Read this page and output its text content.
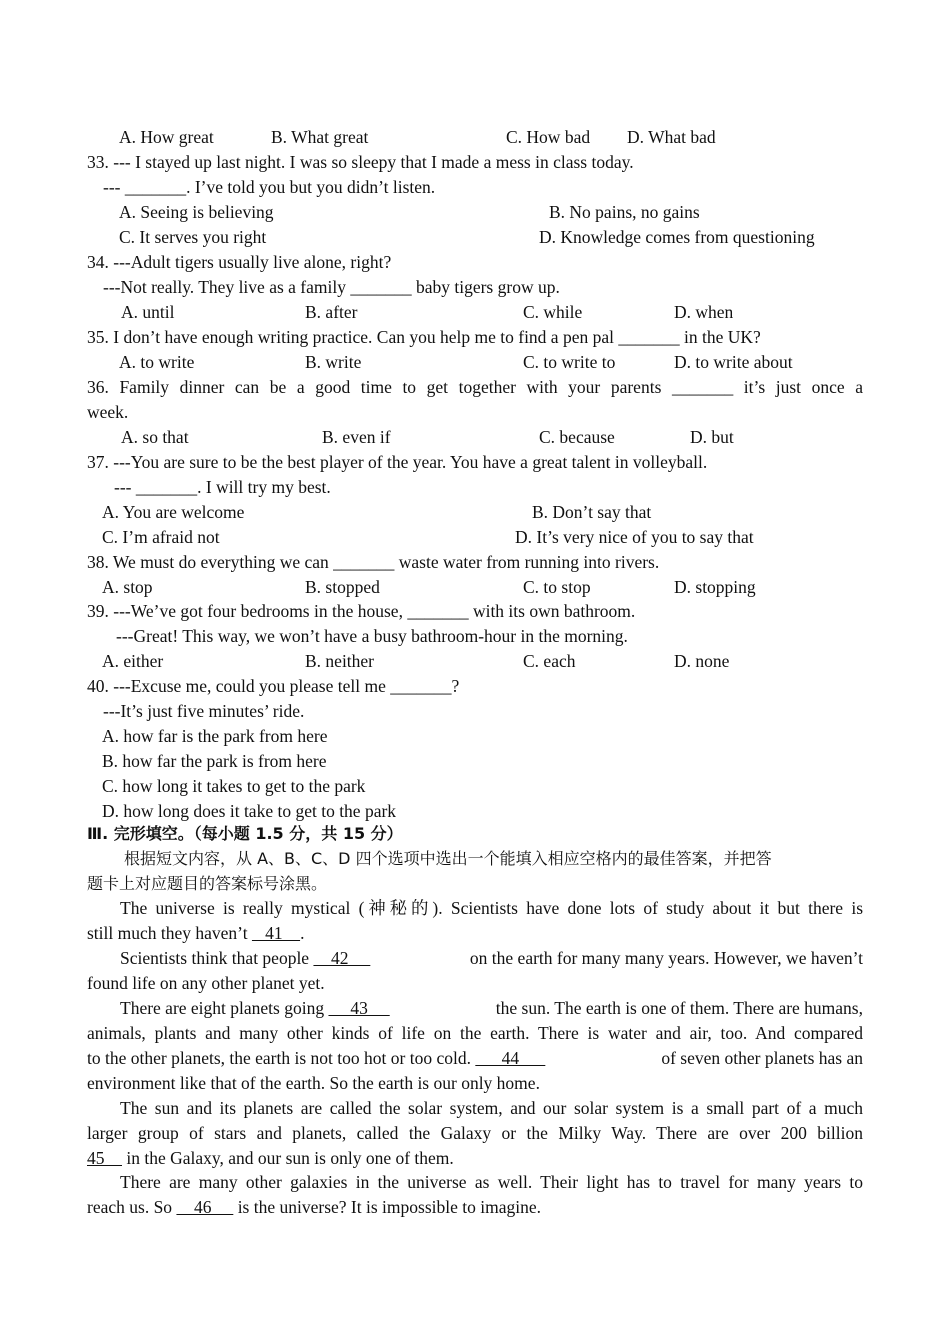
A. How great	B. What great	C. How bad D. What bad
33. --- I stayed up last night. I was so sleepy that I made a mess in class today.
--- _______. I’ve told you but you didn’t listen.
A. Seeing is believing	B. No pains, no gains
C. It serves you right	D. Knowledge comes from questioning
34. ---Adult tigers usually live alone, right?
---Not really. They live as a family _______ baby tigers grow up.
A. until	B. after	C. while	D. when
35. I don’t have enough writing practice. Can you help me to find a pen pal _______ in the UK?
A. to write	B. write	C. to write to	D. to write about
36. Family dinner can be a good time to get together with your parents _______ it’s just once a
week.
A. so that	B. even if	C. because	D. but
37. ---You are sure to be the best player of the year. You have a great talent in volleyball.
--- _______. I will try my best.
A. You are welcome	B. Don’t say that
C. I’m afraid not	D. It’s very nice of you to say that
38. We must do everything we can _______ waste water from running into rivers.
A. stop	B. stopped	C. to stop	D. stopping
39. ---We’ve got four bedrooms in the house, _______ with its own bathroom.
---Great! This way, we won’t have a busy bathroom-hour in the morning.
A. either	B. neither	C. each	D. none
40. ---Excuse me, could you please tell me _______?
---It’s just five minutes’ ride.
A. how far is the park from here
B. how far the park is from here
C. how long it takes to get to the park
D. how long does it take to get to the park
Ⅲ. 完形填空。（每小题 1.5 分，共 15 分）
根据短文内容，从 A、B、C、D 四个选项中选出一个能填入相应空格内的最佳答案，并把答
题卡上对应题目的答案标号涂黑。
The universe is really mystical (神秘的). Scientists have done lots of study about it but there is
still much they haven’t    41    .
Scientists think that people 42	on the earth for many many years. However, we haven’t
found life on any other planet yet.
There are eight planets going 43	the sun. The earth is one of them. There are humans,
animals, plants and many other kinds of life on the earth. There is water and air, too. And compared
to the other planets, the earth is not too hot or too cold. 44	of seven other planets has an
environment like that of the earth. So the earth is our only home.
The sun and its planets are called the solar system, and our solar system is a small part of a much
larger group of stars and planets, called the Galaxy or the Milky Way. There are over 200 billion
45     in the Galaxy, and our sun is only one of them.
There are many other galaxies in the universe as well. Their light has to travel for many years to
reach us. So     46      is the universe? It is impossible to imagine.
